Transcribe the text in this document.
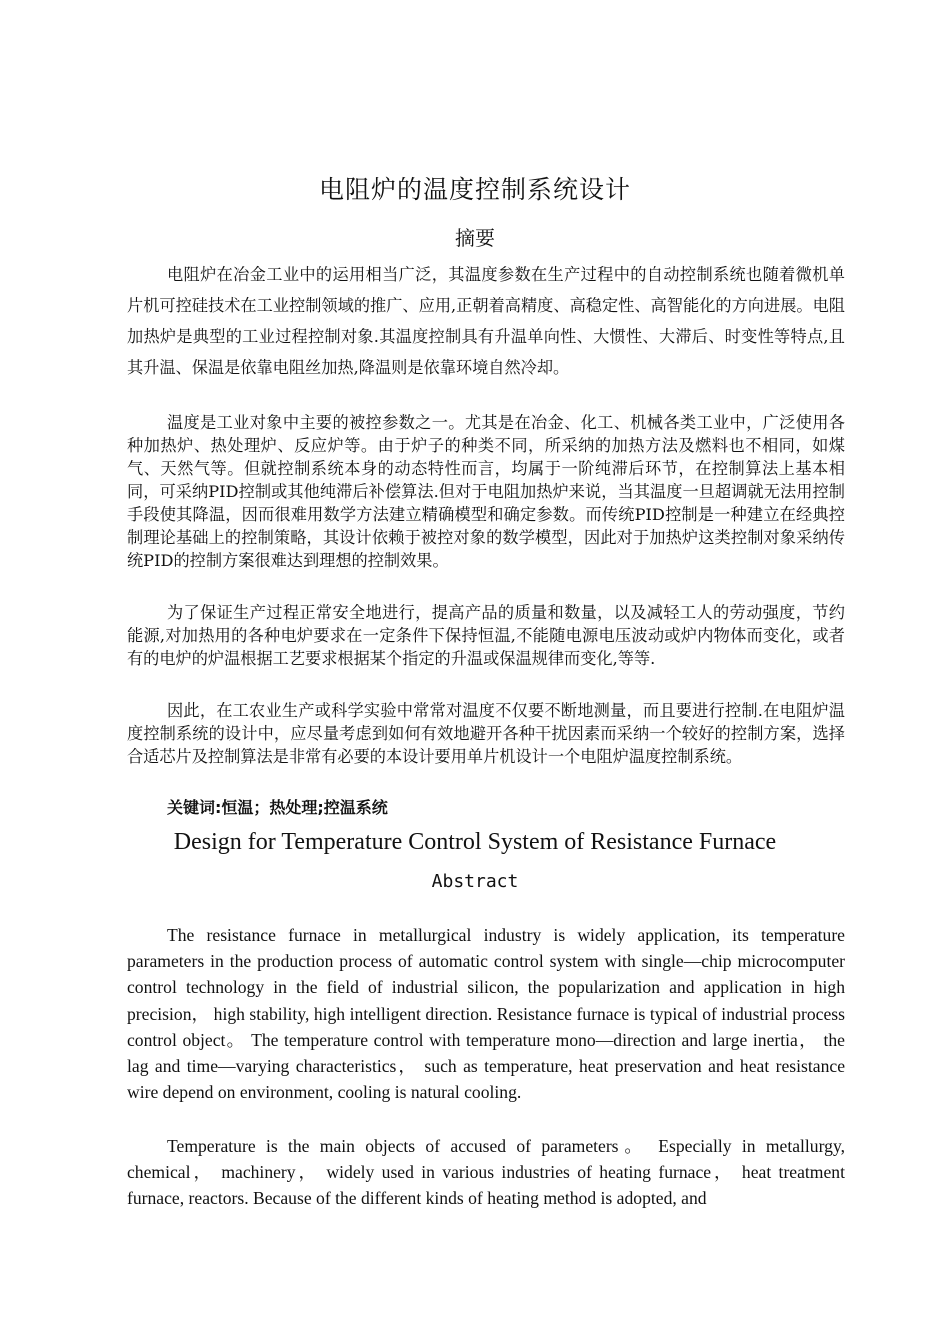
电阻炉的温度控制系统设计
摘要

电阻炉在冶金工业中的运用相当广泛，其温度参数在生产过程中的自动控制系统也随着微机单片机可控硅技术在工业控制领域的推广、应用,正朝着高精度、高稳定性、高智能化的方向进展。电阻加热炉是典型的工业过程控制对象.其温度控制具有升温单向性、大惯性、大滞后、时变性等特点,且其升温、保温是依靠电阻丝加热,降温则是依靠环境自然冷却。

温度是工业对象中主要的被控参数之一。尤其是在冶金、化工、机械各类工业中，广泛使用各种加热炉、热处理炉、反应炉等。由于炉子的种类不同，所采纳的加热方法及燃料也不相同，如煤气、天然气等。但就控制系统本身的动态特性而言，均属于一阶纯滞后环节，在控制算法上基本相同，可采纳PID控制或其他纯滞后补偿算法.但对于电阻加热炉来说，当其温度一旦超调就无法用控制手段使其降温，因而很难用数学方法建立精确模型和确定参数。而传统PID控制是一种建立在经典控制理论基础上的控制策略，其设计依赖于被控对象的数学模型，因此对于加热炉这类控制对象采纳传统PID的控制方案很难达到理想的控制效果。

为了保证生产过程正常安全地进行，提高产品的质量和数量，以及减轻工人的劳动强度，节约能源,对加热用的各种电炉要求在一定条件下保持恒温,不能随电源电压波动或炉内物体而变化，或者有的电炉的炉温根据工艺要求根据某个指定的升温或保温规律而变化,等等.

因此，在工农业生产或科学实验中常常对温度不仅要不断地测量，而且要进行控制.在电阻炉温度控制系统的设计中，应尽量考虑到如何有效地避开各种干扰因素而采纳一个较好的控制方案，选择合适芯片及控制算法是非常有必要的本设计要用单片机设计一个电阻炉温度控制系统。

关键词:恒温；热处理;控温系统
Design for Temperature Control System of Resistance Furnace
Abstract

The resistance furnace in metallurgical industry is widely application, its temperature parameters in the production process of automatic control system with single—chip microcomputer control technology in the field of industrial silicon, the popularization and application in high precision， high stability, high intelligent direction. Resistance furnace is typical of industrial process control object。 The temperature control with temperature mono—direction and large inertia， the lag and time—varying characteristics， such as temperature, heat preservation and heat resistance wire depend on environment, cooling is natural cooling.

Temperature is the main objects of accused of parameters。 Especially in metallurgy, chemical， machinery， widely used in various industries of heating furnace， heat treatment furnace, reactors. Because of the different kinds of heating method is adopted, and
